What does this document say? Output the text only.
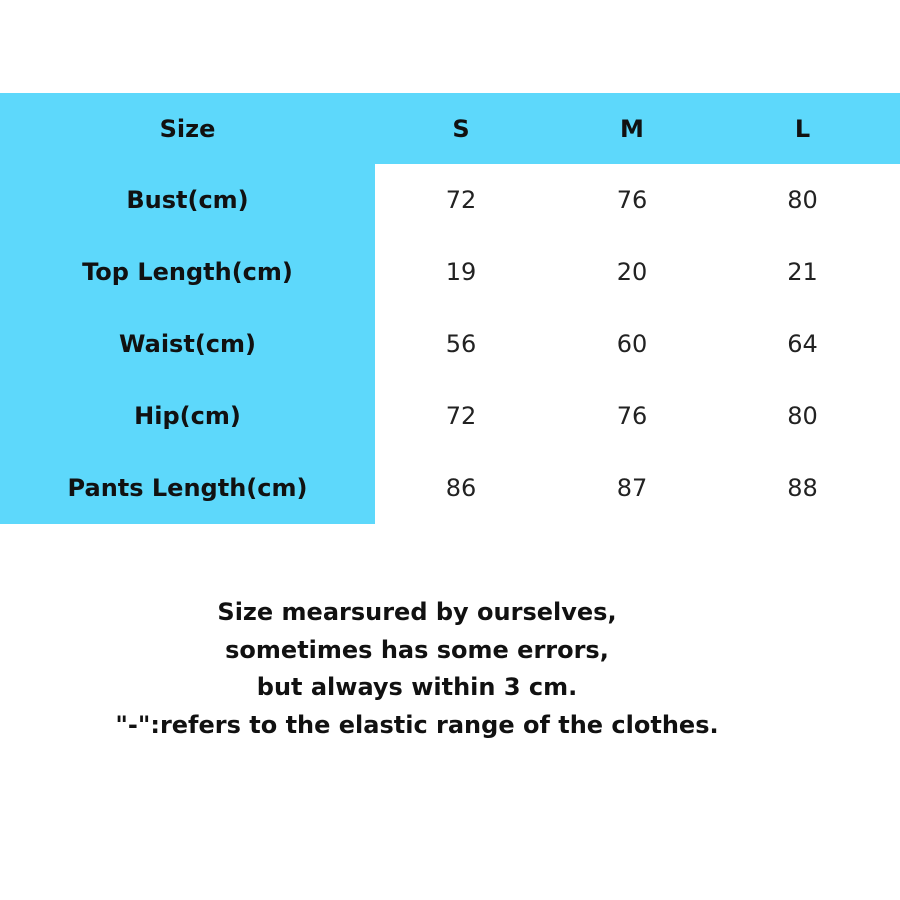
Size	S	M	L
Bust(cm)	72	76	80
Top Length(cm)	19	20	21
Waist(cm)	56	60	64
Hip(cm)	72	76	80
Pants Length(cm)	86	87	88
Size mearsured by ourselves,
sometimes has some errors,
but always within 3 cm.
"-":refers to the elastic range of the clothes.
